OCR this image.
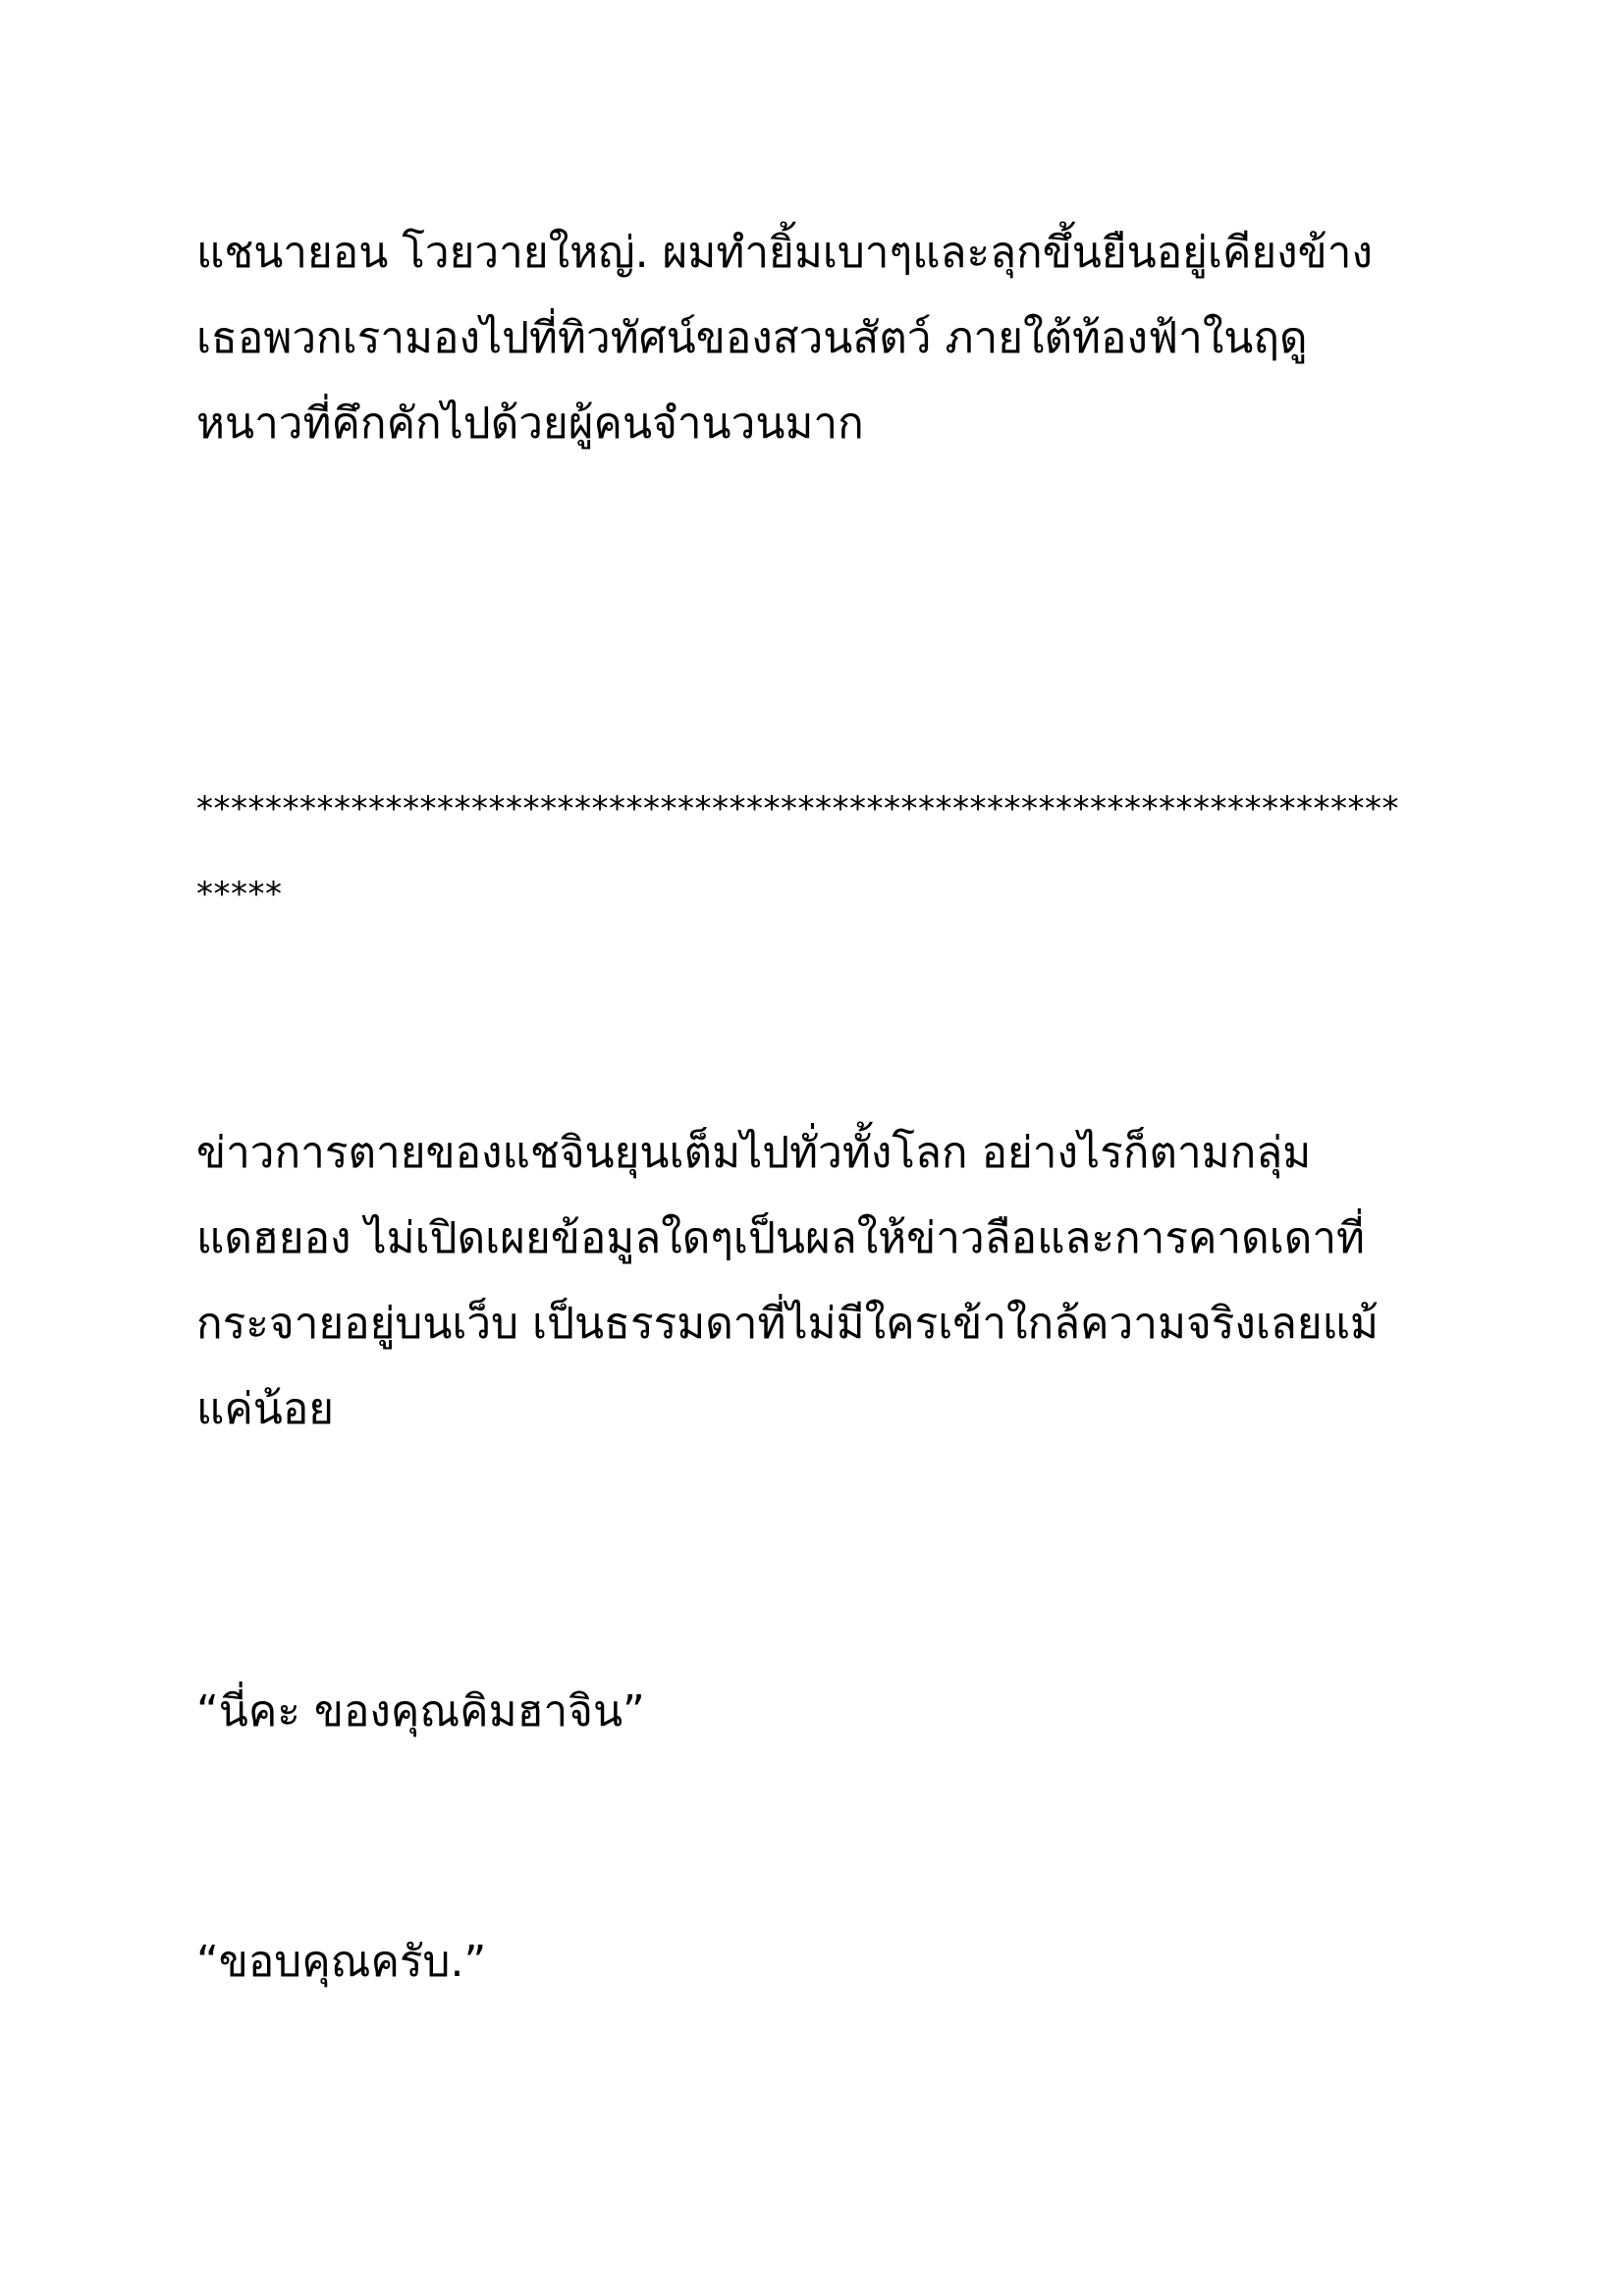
แชนายอน โวยวายใหญ่. ผมทำยิ้มเบาๆและลุกขึ้นยืนอยู่เคียงข้าง
เธอพวกเรามองไปที่ทิวทัศน์ของสวนสัตว์ ภายใต้ท้องฟ้าในฤดู
หนาวที่คึกคักไปด้วยผู้คนจำนวนมาก

**********************************************************************
*****

ข่าวการตายของแชจินยุนเต็มไปทั่วทั้งโลก อย่างไรก็ตามกลุ่ม
แดฮยอง ไม่เปิดเผยข้อมูลใดๆเป็นผลให้ข่าวลือและการคาดเดาที่
กระจายอยู่บนเว็บ เป็นธรรมดาที่ไม่มีใครเข้าใกล้ความจริงเลยแม้
แค่น้อย

“นี่คะ ของคุณคิมฮาจิน”

“ขอบคุณครับ.”
